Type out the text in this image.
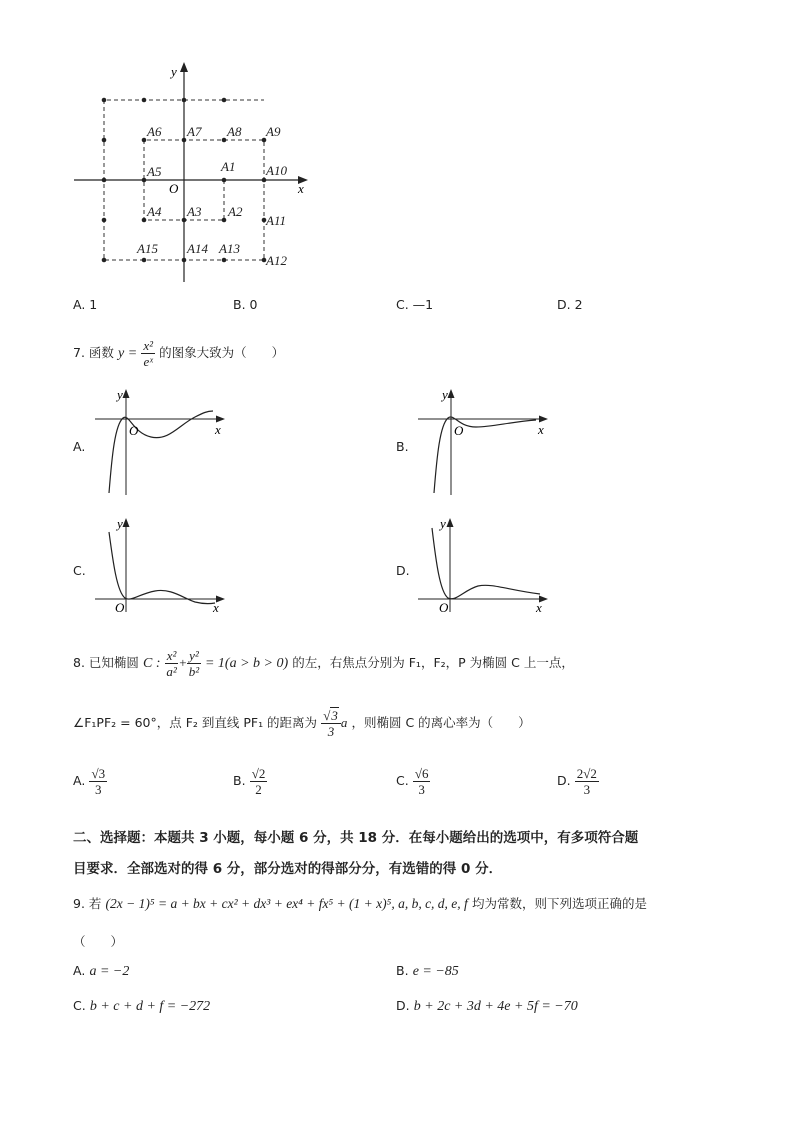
x
y
O
A1
A2
A3
A4
A5
A6 A7 A8 A9
A10
A11
A12
A13
A14
A15
A. 1	B. 0	C. —1	D. 2
7. 函数 $y = \frac{\text{x²}}{\text{eˣ}}$ 的图象大致为（　　）
A.	B.
C.	D.
x
y
O	x
y
O
x
y
O	x
y
O
8. 已知椭圆 C : $\frac{\text{x²}}{\text{a²}} + \frac{\text{y²}}{\text{b²}} = 1(a > b > 0)$ 的左，右焦点分别为 F₁，F₂，P 为椭圆 C 上一点，
∠F₁PF₂ = 60°，点 F₂ 到直线 PF₁ 的距离为 $\frac{√3}{3}$ a ，则椭圆 C 的离心率为（　　）
A. $\frac{√3}{3}$	B. $\frac{√2}{2}$	C. $\frac{√6}{3}$	D. $\frac{2√2}{3}$
二、选择题：本题共 3 小题，每小题 6 分，共 18 分．在每小题给出的选项中，有多项符合题
目要求．全部选对的得 6 分，部分选对的得部分分，有选错的得 0 分．
9. 若 (2x − 1)⁵ = a + bx + cx² + dx³ + ex⁴ + fx⁵ + (1 + x)⁵, a, b, c, d, e, f 均为常数，则下列选项正确的是
（　　）
A. a = −2	B. e = −85
C. b + c + d + f = −272	D. b + 2c + 3d + 4e + 5f = −70
